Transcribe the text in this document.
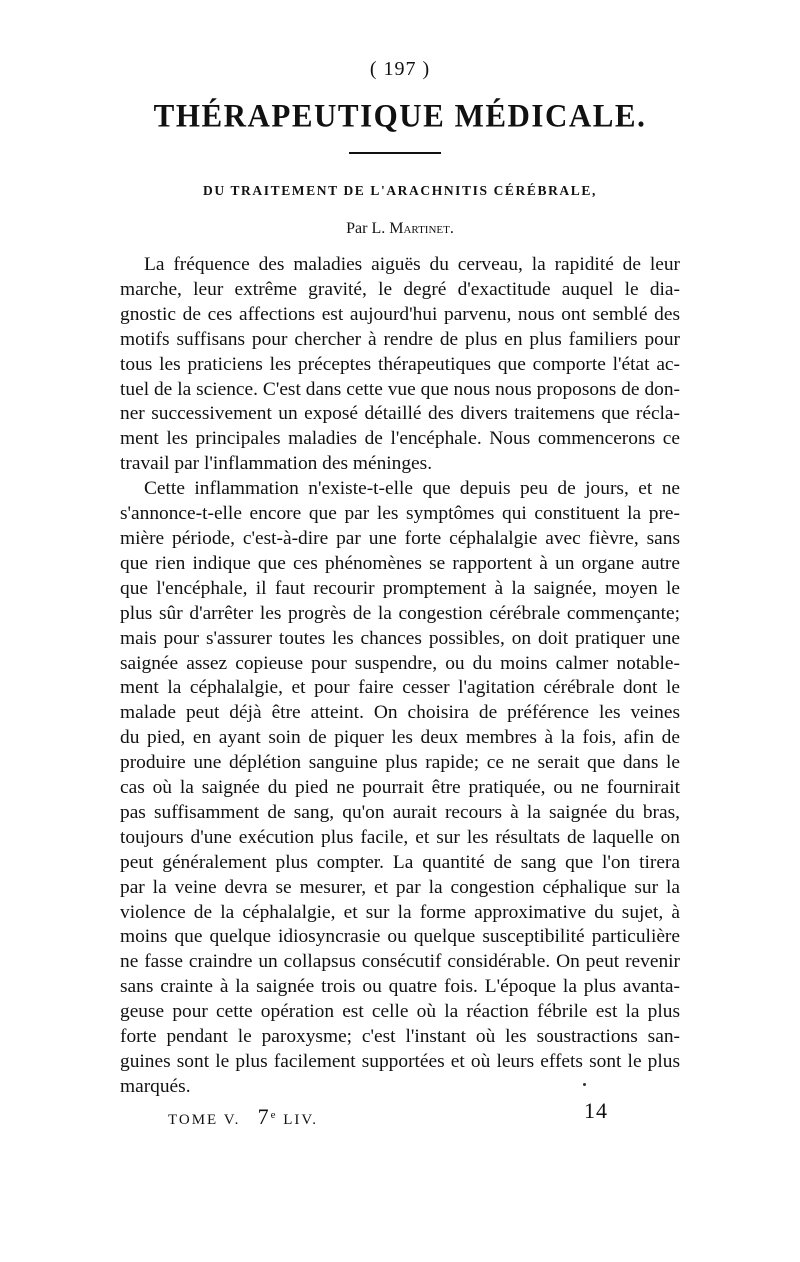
( 197 )
THÉRAPEUTIQUE MÉDICALE.
DU TRAITEMENT DE L'ARACHNITIS CÉRÉBRALE,
Par L. Martinet.
La fréquence des maladies aiguës du cerveau, la rapidité de leur
marche, leur extrême gravité, le degré d'exactitude auquel le dia-
gnostic de ces affections est aujourd'hui parvenu, nous ont semblé des
motifs suffisans pour chercher à rendre de plus en plus familiers pour
tous les praticiens les préceptes thérapeutiques que comporte l'état ac-
tuel de la science. C'est dans cette vue que nous nous proposons de don-
ner successivement un exposé détaillé des divers traitemens que récla-
ment les principales maladies de l'encéphale. Nous commencerons ce
travail par l'inflammation des méninges.
Cette inflammation n'existe-t-elle que depuis peu de jours, et ne
s'annonce-t-elle encore que par les symptômes qui constituent la pre-
mière période, c'est-à-dire par une forte céphalalgie avec fièvre, sans
que rien indique que ces phénomènes se rapportent à un organe autre
que l'encéphale, il faut recourir promptement à la saignée, moyen le
plus sûr d'arrêter les progrès de la congestion cérébrale commençante;
mais pour s'assurer toutes les chances possibles, on doit pratiquer une
saignée assez copieuse pour suspendre, ou du moins calmer notable-
ment la céphalalgie, et pour faire cesser l'agitation cérébrale dont le
malade peut déjà être atteint. On choisira de préférence les veines
du pied, en ayant soin de piquer les deux membres à la fois, afin de
produire une déplétion sanguine plus rapide; ce ne serait que dans le
cas où la saignée du pied ne pourrait être pratiquée, ou ne fournirait
pas suffisamment de sang, qu'on aurait recours à la saignée du bras,
toujours d'une exécution plus facile, et sur les résultats de laquelle on
peut généralement plus compter. La quantité de sang que l'on tirera
par la veine devra se mesurer, et par la congestion céphalique sur la
violence de la céphalalgie, et sur la forme approximative du sujet, à
moins que quelque idiosyncrasie ou quelque susceptibilité particulière
ne fasse craindre un collapsus consécutif considérable. On peut revenir
sans crainte à la saignée trois ou quatre fois. L'époque la plus avanta-
geuse pour cette opération est celle où la réaction fébrile est la plus
forte pendant le paroxysme; c'est l'instant où les soustractions san-
guines sont le plus facilement supportées et où leurs effets sont le plus
marqués.
TOME V. 7e LIV.	14
